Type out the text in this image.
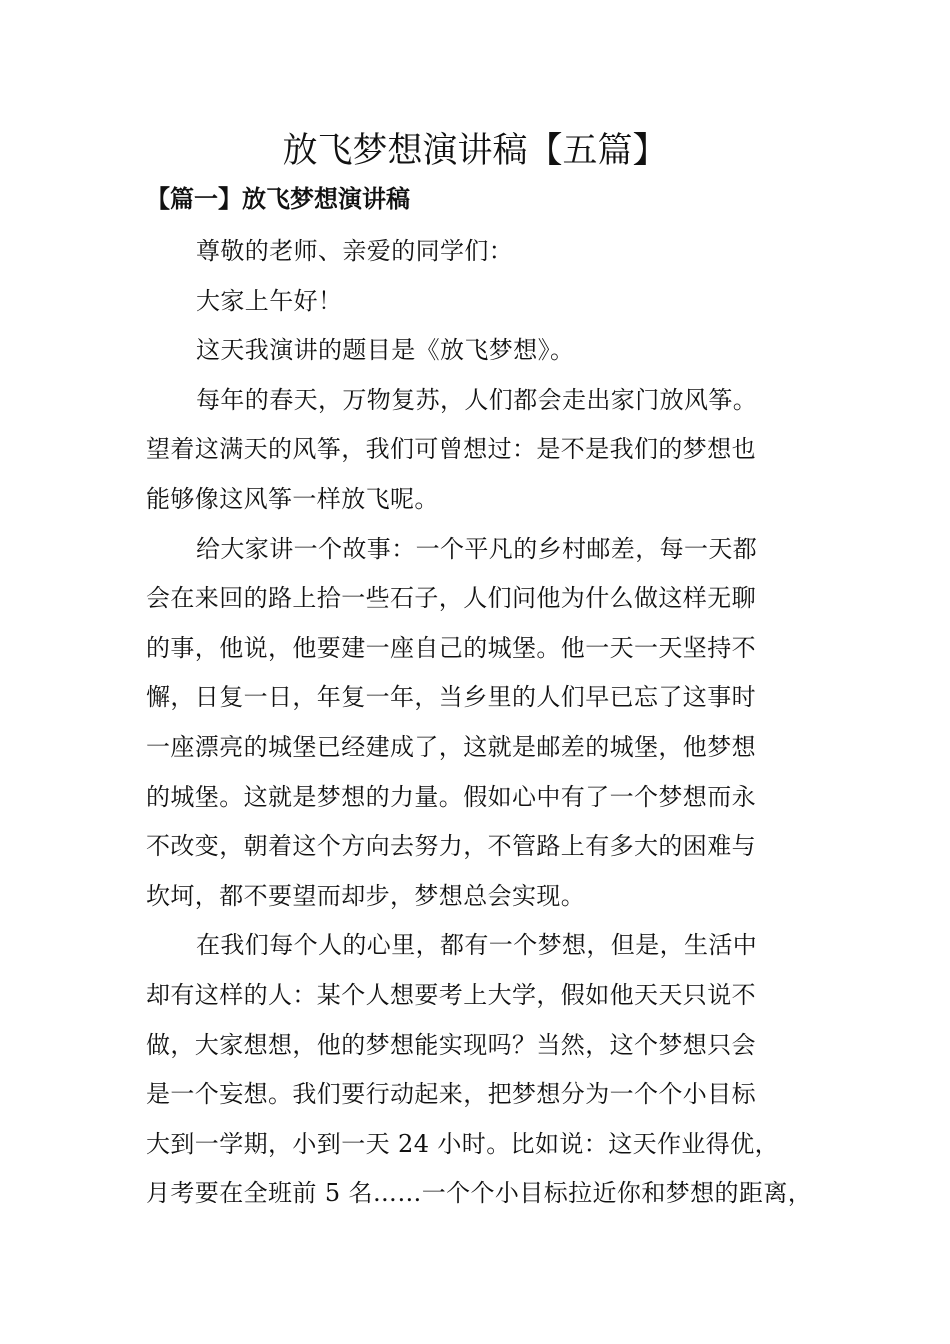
放飞梦想演讲稿【五篇】
【篇一】放飞梦想演讲稿
尊敬的老师、亲爱的同学们：
大家上午好！
这天我演讲的题目是《放飞梦想》。
每年的春天，万物复苏，人们都会走出家门放风筝。
望着这满天的风筝，我们可曾想过：是不是我们的梦想也
能够像这风筝一样放飞呢。
给大家讲一个故事：一个平凡的乡村邮差，每一天都
会在来回的路上拾一些石子，人们问他为什么做这样无聊
的事，他说，他要建一座自己的城堡。他一天一天坚持不
懈，日复一日，年复一年，当乡里的人们早已忘了这事时
一座漂亮的城堡已经建成了，这就是邮差的城堡，他梦想
的城堡。这就是梦想的力量。假如心中有了一个梦想而永
不改变，朝着这个方向去努力，不管路上有多大的困难与
坎坷，都不要望而却步，梦想总会实现。
在我们每个人的心里，都有一个梦想，但是，生活中
却有这样的人：某个人想要考上大学，假如他天天只说不
做，大家想想，他的梦想能实现吗？当然，这个梦想只会
是一个妄想。我们要行动起来，把梦想分为一个个小目标
大到一学期，小到一天 24 小时。比如说：这天作业得优，
月考要在全班前 5 名……一个个小目标拉近你和梦想的距离，
